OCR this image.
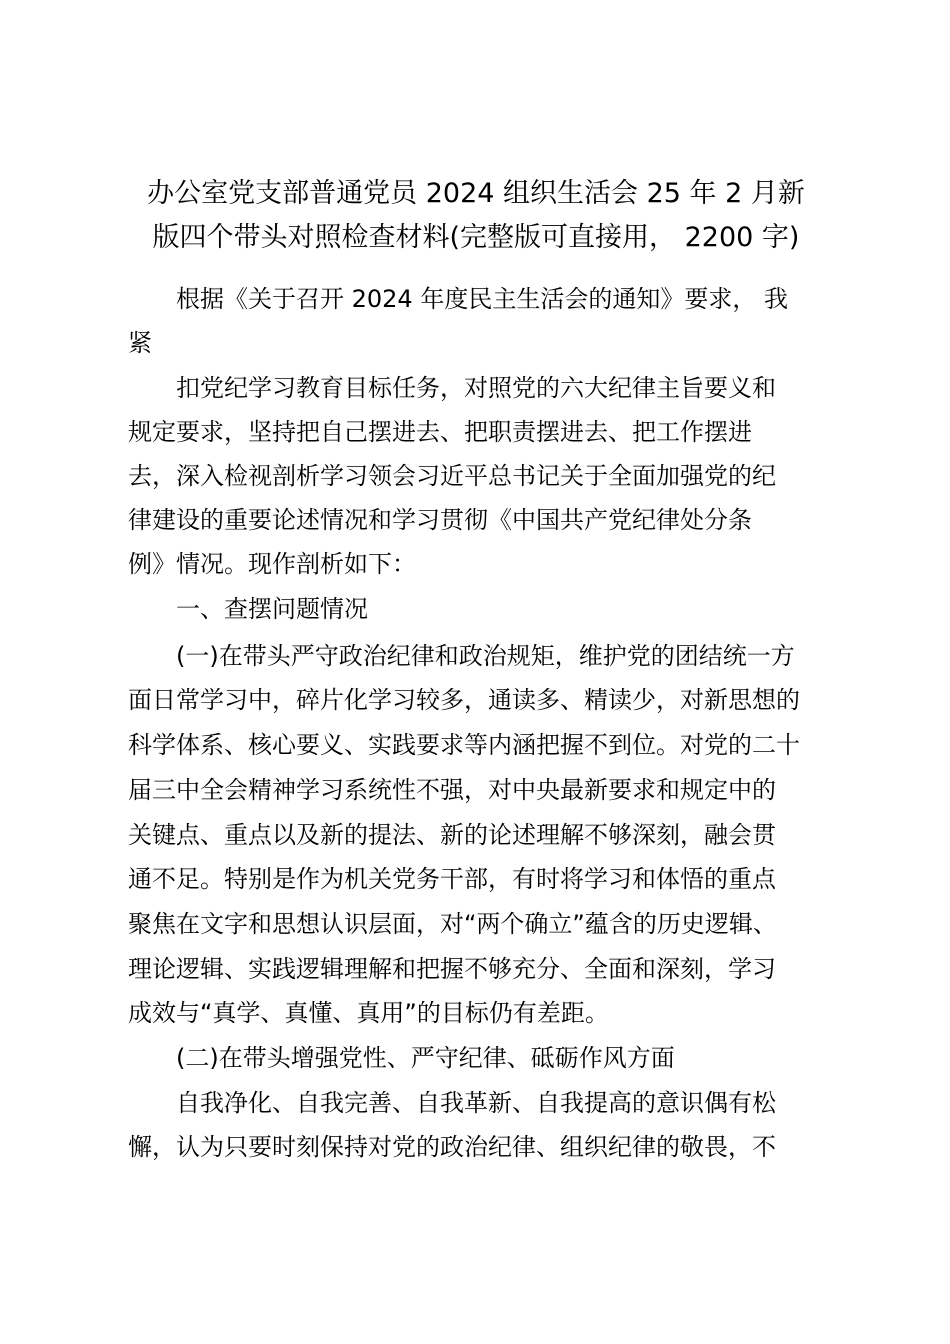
办公室党支部普通党员 2024 组织生活会 25 年 2 月新
版四个带头对照检查材料(完整版可直接用， 2200 字)
根据《关于召开 2024 年度民主生活会的通知》要求， 我
紧
扣党纪学习教育目标任务，对照党的六大纪律主旨要义和
规定要求，坚持把自己摆进去、把职责摆进去、把工作摆进
去，深入检视剖析学习领会习近平总书记关于全面加强党的纪
律建设的重要论述情况和学习贯彻《中国共产党纪律处分条
例》情况。现作剖析如下：
一、查摆问题情况
(一)在带头严守政治纪律和政治规矩，维护党的团结统一方
面日常学习中，碎片化学习较多，通读多、精读少，对新思想的
科学体系、核心要义、实践要求等内涵把握不到位。对党的二十
届三中全会精神学习系统性不强，对中央最新要求和规定中的
关键点、重点以及新的提法、新的论述理解不够深刻，融会贯
通不足。特别是作为机关党务干部，有时将学习和体悟的重点
聚焦在文字和思想认识层面，对“两个确立”蕴含的历史逻辑、
理论逻辑、实践逻辑理解和把握不够充分、全面和深刻，学习
成效与“真学、真懂、真用”的目标仍有差距。
(二)在带头增强党性、严守纪律、砥砺作风方面
自我净化、自我完善、自我革新、自我提高的意识偶有松
懈，认为只要时刻保持对党的政治纪律、组织纪律的敬畏，不
